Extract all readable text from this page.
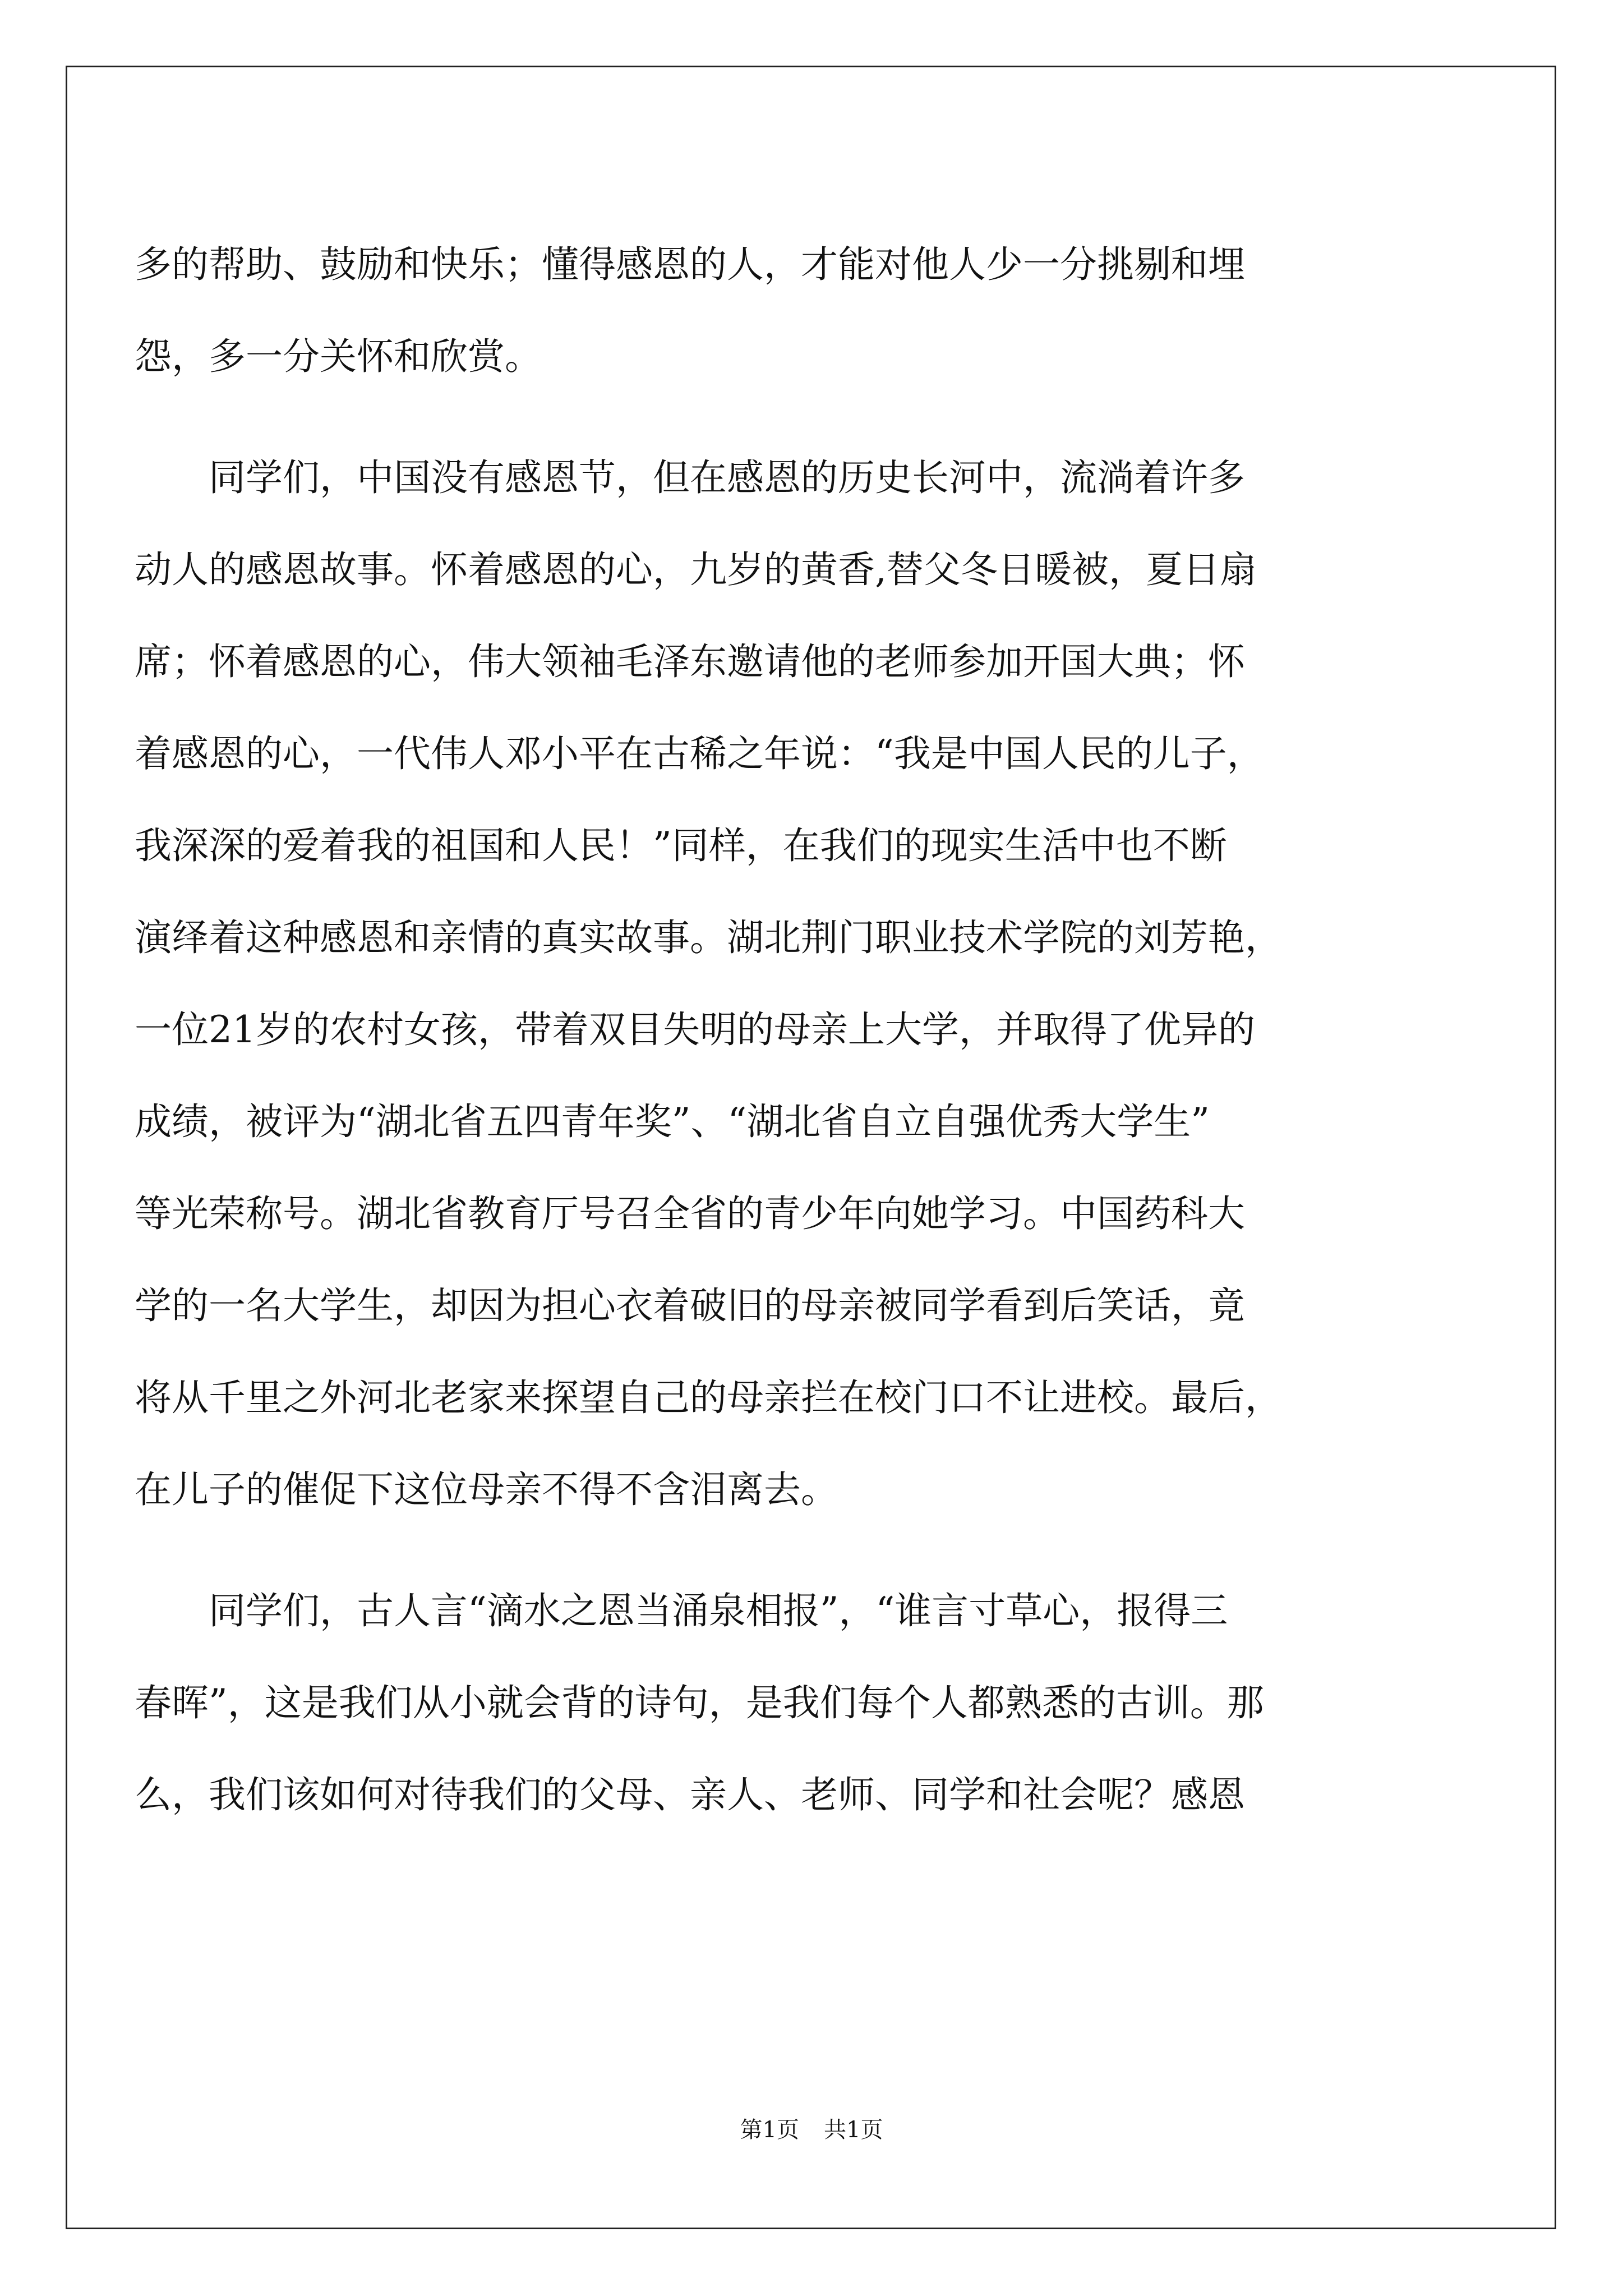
多的帮助、鼓励和快乐；懂得感恩的人，才能对他人少一分挑剔和埋
怨，多一分关怀和欣赏。
同学们，中国没有感恩节，但在感恩的历史长河中，流淌着许多
动人的感恩故事。怀着感恩的心，九岁的黄香,替父冬日暖被，夏日扇
席；怀着感恩的心，伟大领袖毛泽东邀请他的老师参加开国大典；怀
着感恩的心，一代伟人邓小平在古稀之年说：“我是中国人民的儿子，
我深深的爱着我的祖国和人民！”同样，在我们的现实生活中也不断
演绎着这种感恩和亲情的真实故事。湖北荆门职业技术学院的刘芳艳，
一位21岁的农村女孩，带着双目失明的母亲上大学，并取得了优异的
成绩，被评为“湖北省五四青年奖”、“湖北省自立自强优秀大学生”
等光荣称号。湖北省教育厅号召全省的青少年向她学习。中国药科大
学的一名大学生，却因为担心衣着破旧的母亲被同学看到后笑话，竟
将从千里之外河北老家来探望自己的母亲拦在校门口不让进校。最后，
在儿子的催促下这位母亲不得不含泪离去。
同学们，古人言“滴水之恩当涌泉相报”，“谁言寸草心，报得三
春晖”，这是我们从小就会背的诗句，是我们每个人都熟悉的古训。那
么，我们该如何对待我们的父母、亲人、老师、同学和社会呢？感恩
第1页 共1页
